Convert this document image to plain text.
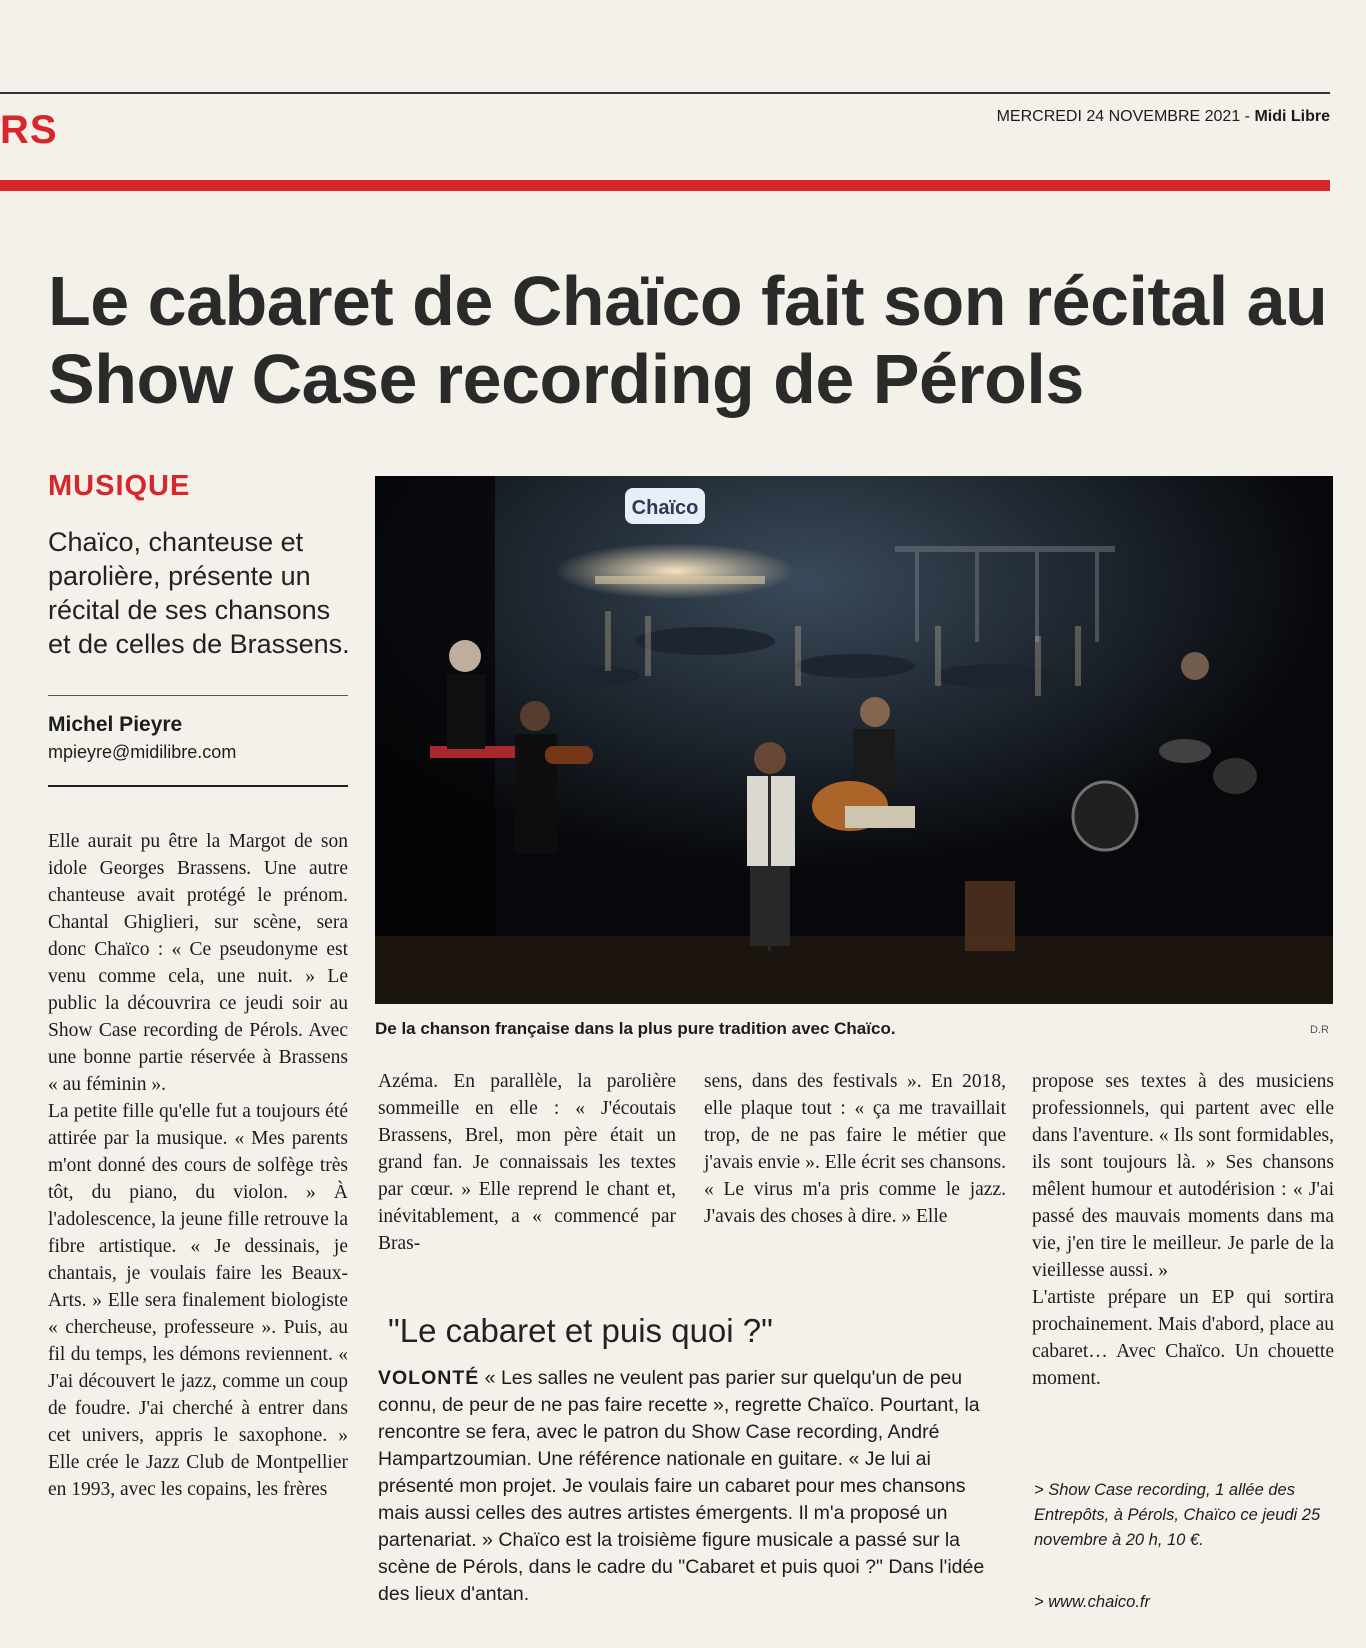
RS	MERCREDI 24 NOVEMBRE 2021 - Midi Libre
Le cabaret de Chaïco fait son récital au Show Case recording de Pérols
MUSIQUE
Chaïco, chanteuse et parolière, présente un récital de ses chansons et de celles de Brassens.
Michel Pieyre
mpieyre@midilibre.com
Chaïco
De la chanson française dans la plus pure tradition avec Chaïco.	D.R

Elle aurait pu être la Margot de son idole Georges Brassens. Une autre chanteuse avait protégé le prénom. Chantal Ghiglieri, sur scène, sera donc Chaïco : « Ce pseudonyme est venu comme cela, une nuit. » Le public la découvrira ce jeudi soir au Show Case recording de Pérols. Avec une bonne partie réservée à Brassens « au féminin ».

La petite fille qu'elle fut a toujours été attirée par la musique. « Mes parents m'ont donné des cours de solfège très tôt, du piano, du violon. » À l'adolescence, la jeune fille retrouve la fibre artistique. « Je dessinais, je chantais, je voulais faire les Beaux-Arts. » Elle sera finalement biologiste « chercheuse, professeure ». Puis, au fil du temps, les démons reviennent. « J'ai découvert le jazz, comme un coup de foudre. J'ai cherché à entrer dans cet univers, appris le saxophone. » Elle crée le Jazz Club de Montpellier en 1993, avec les copains, les frères

Azéma. En parallèle, la parolière sommeille en elle : « J'écoutais Brassens, Brel, mon père était un grand fan. Je connaissais les textes par cœur. » Elle reprend le chant et, inévitablement, a « commencé par Bras-

sens, dans des festivals ». En 2018, elle plaque tout : « ça me travaillait trop, de ne pas faire le métier que j'avais envie ». Elle écrit ses chansons. « Le virus m'a pris comme le jazz. J'avais des choses à dire. » Elle

propose ses textes à des musiciens professionnels, qui partent avec elle dans l'aventure. « Ils sont formidables, ils sont toujours là. » Ses chansons mêlent humour et autodérision : « J'ai passé des mauvais moments dans ma vie, j'en tire le meilleur. Je parle de la vieillesse aussi. »

L'artiste prépare un EP qui sortira prochainement. Mais d'abord, place au cabaret… Avec Chaïco. Un chouette moment.

"Le cabaret et puis quoi ?"
VOLONTÉ « Les salles ne veulent pas parier sur quelqu'un de peu connu, de peur de ne pas faire recette », regrette Chaïco. Pourtant, la rencontre se fera, avec le patron du Show Case recording, André Hampartzoumian. Une référence nationale en guitare. « Je lui ai présenté mon projet. Je voulais faire un cabaret pour mes chansons mais aussi celles des autres artistes émergents. Il m'a proposé un partenariat. » Chaïco est la troisième figure musicale a passé sur la scène de Pérols, dans le cadre du "Cabaret et puis quoi ?" Dans l'idée des lieux d'antan.
> Show Case recording, 1 allée des Entrepôts, à Pérols, Chaïco ce jeudi 25 novembre à 20 h, 10 €.
> www.chaico.fr
